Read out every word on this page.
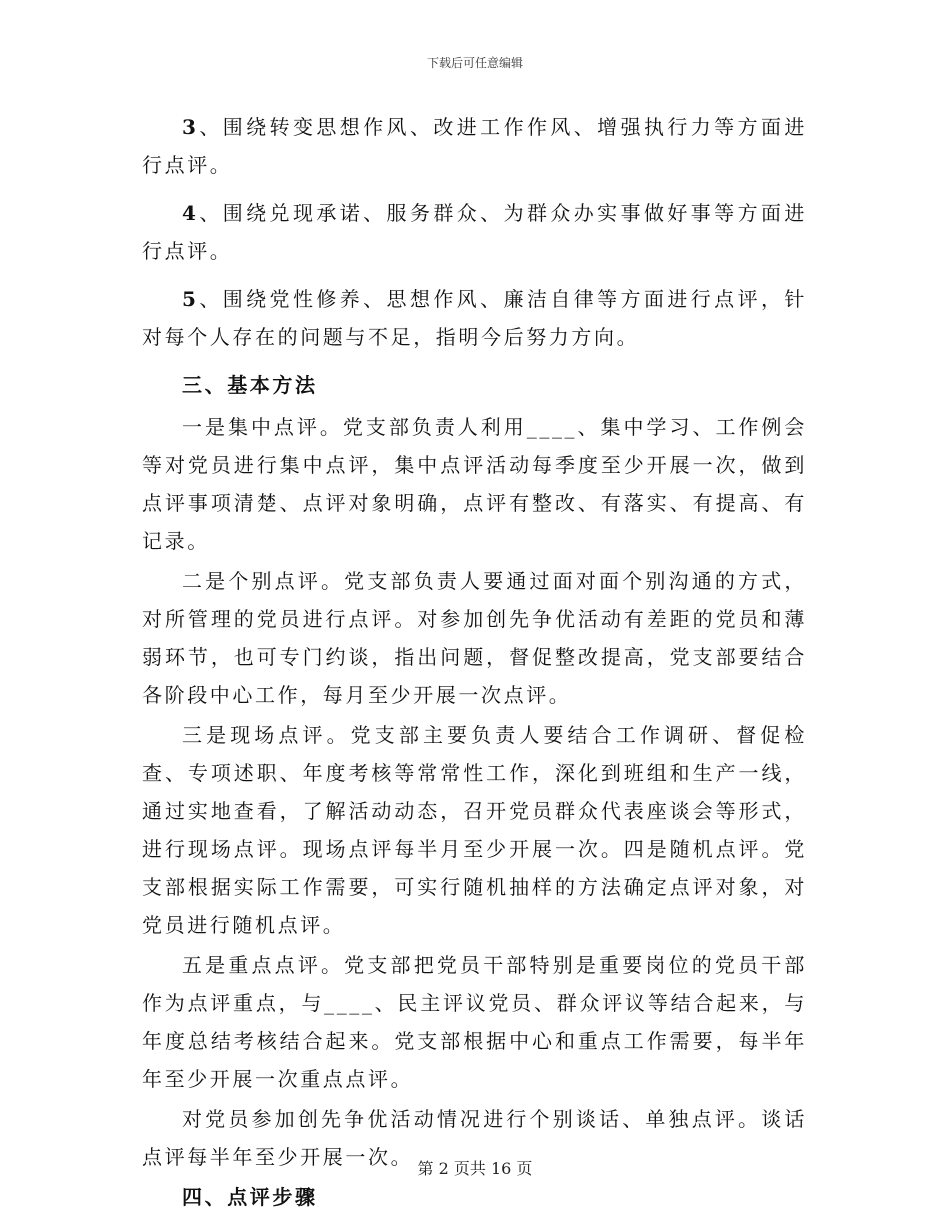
下载后可任意编辑

3、围绕转变思想作风、改进工作作风、增强执行力等方面进行点评。

4、围绕兑现承诺、服务群众、为群众办实事做好事等方面进行点评。

5、围绕党性修养、思想作风、廉洁自律等方面进行点评，针对每个人存在的问题与不足，指明今后努力方向。

三、基本方法

一是集中点评。党支部负责人利用____、集中学习、工作例会等对党员进行集中点评，集中点评活动每季度至少开展一次，做到点评事项清楚、点评对象明确，点评有整改、有落实、有提高、有记录。

二是个别点评。党支部负责人要通过面对面个别沟通的方式，对所管理的党员进行点评。对参加创先争优活动有差距的党员和薄弱环节，也可专门约谈，指出问题，督促整改提高，党支部要结合各阶段中心工作，每月至少开展一次点评。

三是现场点评。党支部主要负责人要结合工作调研、督促检查、专项述职、年度考核等常常性工作，深化到班组和生产一线，通过实地查看，了解活动动态，召开党员群众代表座谈会等形式，进行现场点评。现场点评每半月至少开展一次。四是随机点评。党支部根据实际工作需要，可实行随机抽样的方法确定点评对象，对党员进行随机点评。

五是重点点评。党支部把党员干部特别是重要岗位的党员干部作为点评重点，与____、民主评议党员、群众评议等结合起来，与年度总结考核结合起来。党支部根据中心和重点工作需要，每半年年至少开展一次重点点评。

对党员参加创先争优活动情况进行个别谈话、单独点评。谈话点评每半年至少开展一次。

四、点评步骤

第 2 页共 16 页
